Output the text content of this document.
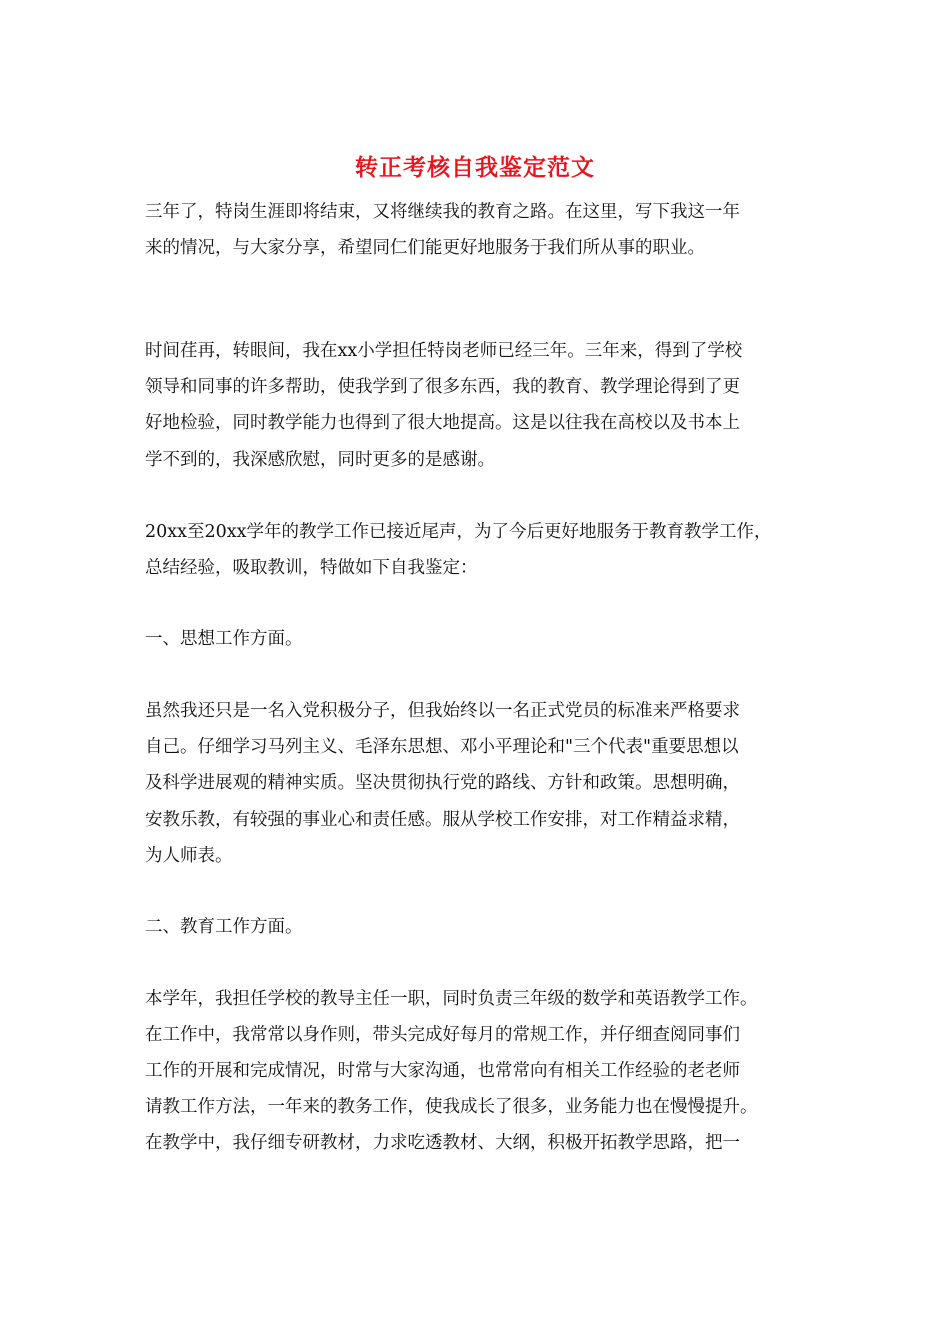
转正考核自我鉴定范文
三年了，特岗生涯即将结束，又将继续我的教育之路。在这里，写下我这一年
来的情况，与大家分享，希望同仁们能更好地服务于我们所从事的职业。
时间荏再，转眼间，我在xx小学担任特岗老师已经三年。三年来，得到了学校
领导和同事的许多帮助，使我学到了很多东西，我的教育、教学理论得到了更
好地检验，同时教学能力也得到了很大地提高。这是以往我在高校以及书本上
学不到的，我深感欣慰，同时更多的是感谢。
20xx至20xx学年的教学工作已接近尾声，为了今后更好地服务于教育教学工作，
总结经验，吸取教训，特做如下自我鉴定：
一、思想工作方面。
虽然我还只是一名入党积极分子，但我始终以一名正式党员的标准来严格要求
自己。仔细学习马列主义、毛泽东思想、邓小平理论和"三个代表"重要思想以
及科学进展观的精神实质。坚决贯彻执行党的路线、方针和政策。思想明确，
安教乐教，有较强的事业心和责任感。服从学校工作安排，对工作精益求精，
为人师表。
二、教育工作方面。
本学年，我担任学校的教导主任一职，同时负责三年级的数学和英语教学工作。
在工作中，我常常以身作则，带头完成好每月的常规工作，并仔细查阅同事们
工作的开展和完成情况，时常与大家沟通，也常常向有相关工作经验的老老师
请教工作方法，一年来的教务工作，使我成长了很多，业务能力也在慢慢提升。
在教学中，我仔细专研教材，力求吃透教材、大纲，积极开拓教学思路，把一
